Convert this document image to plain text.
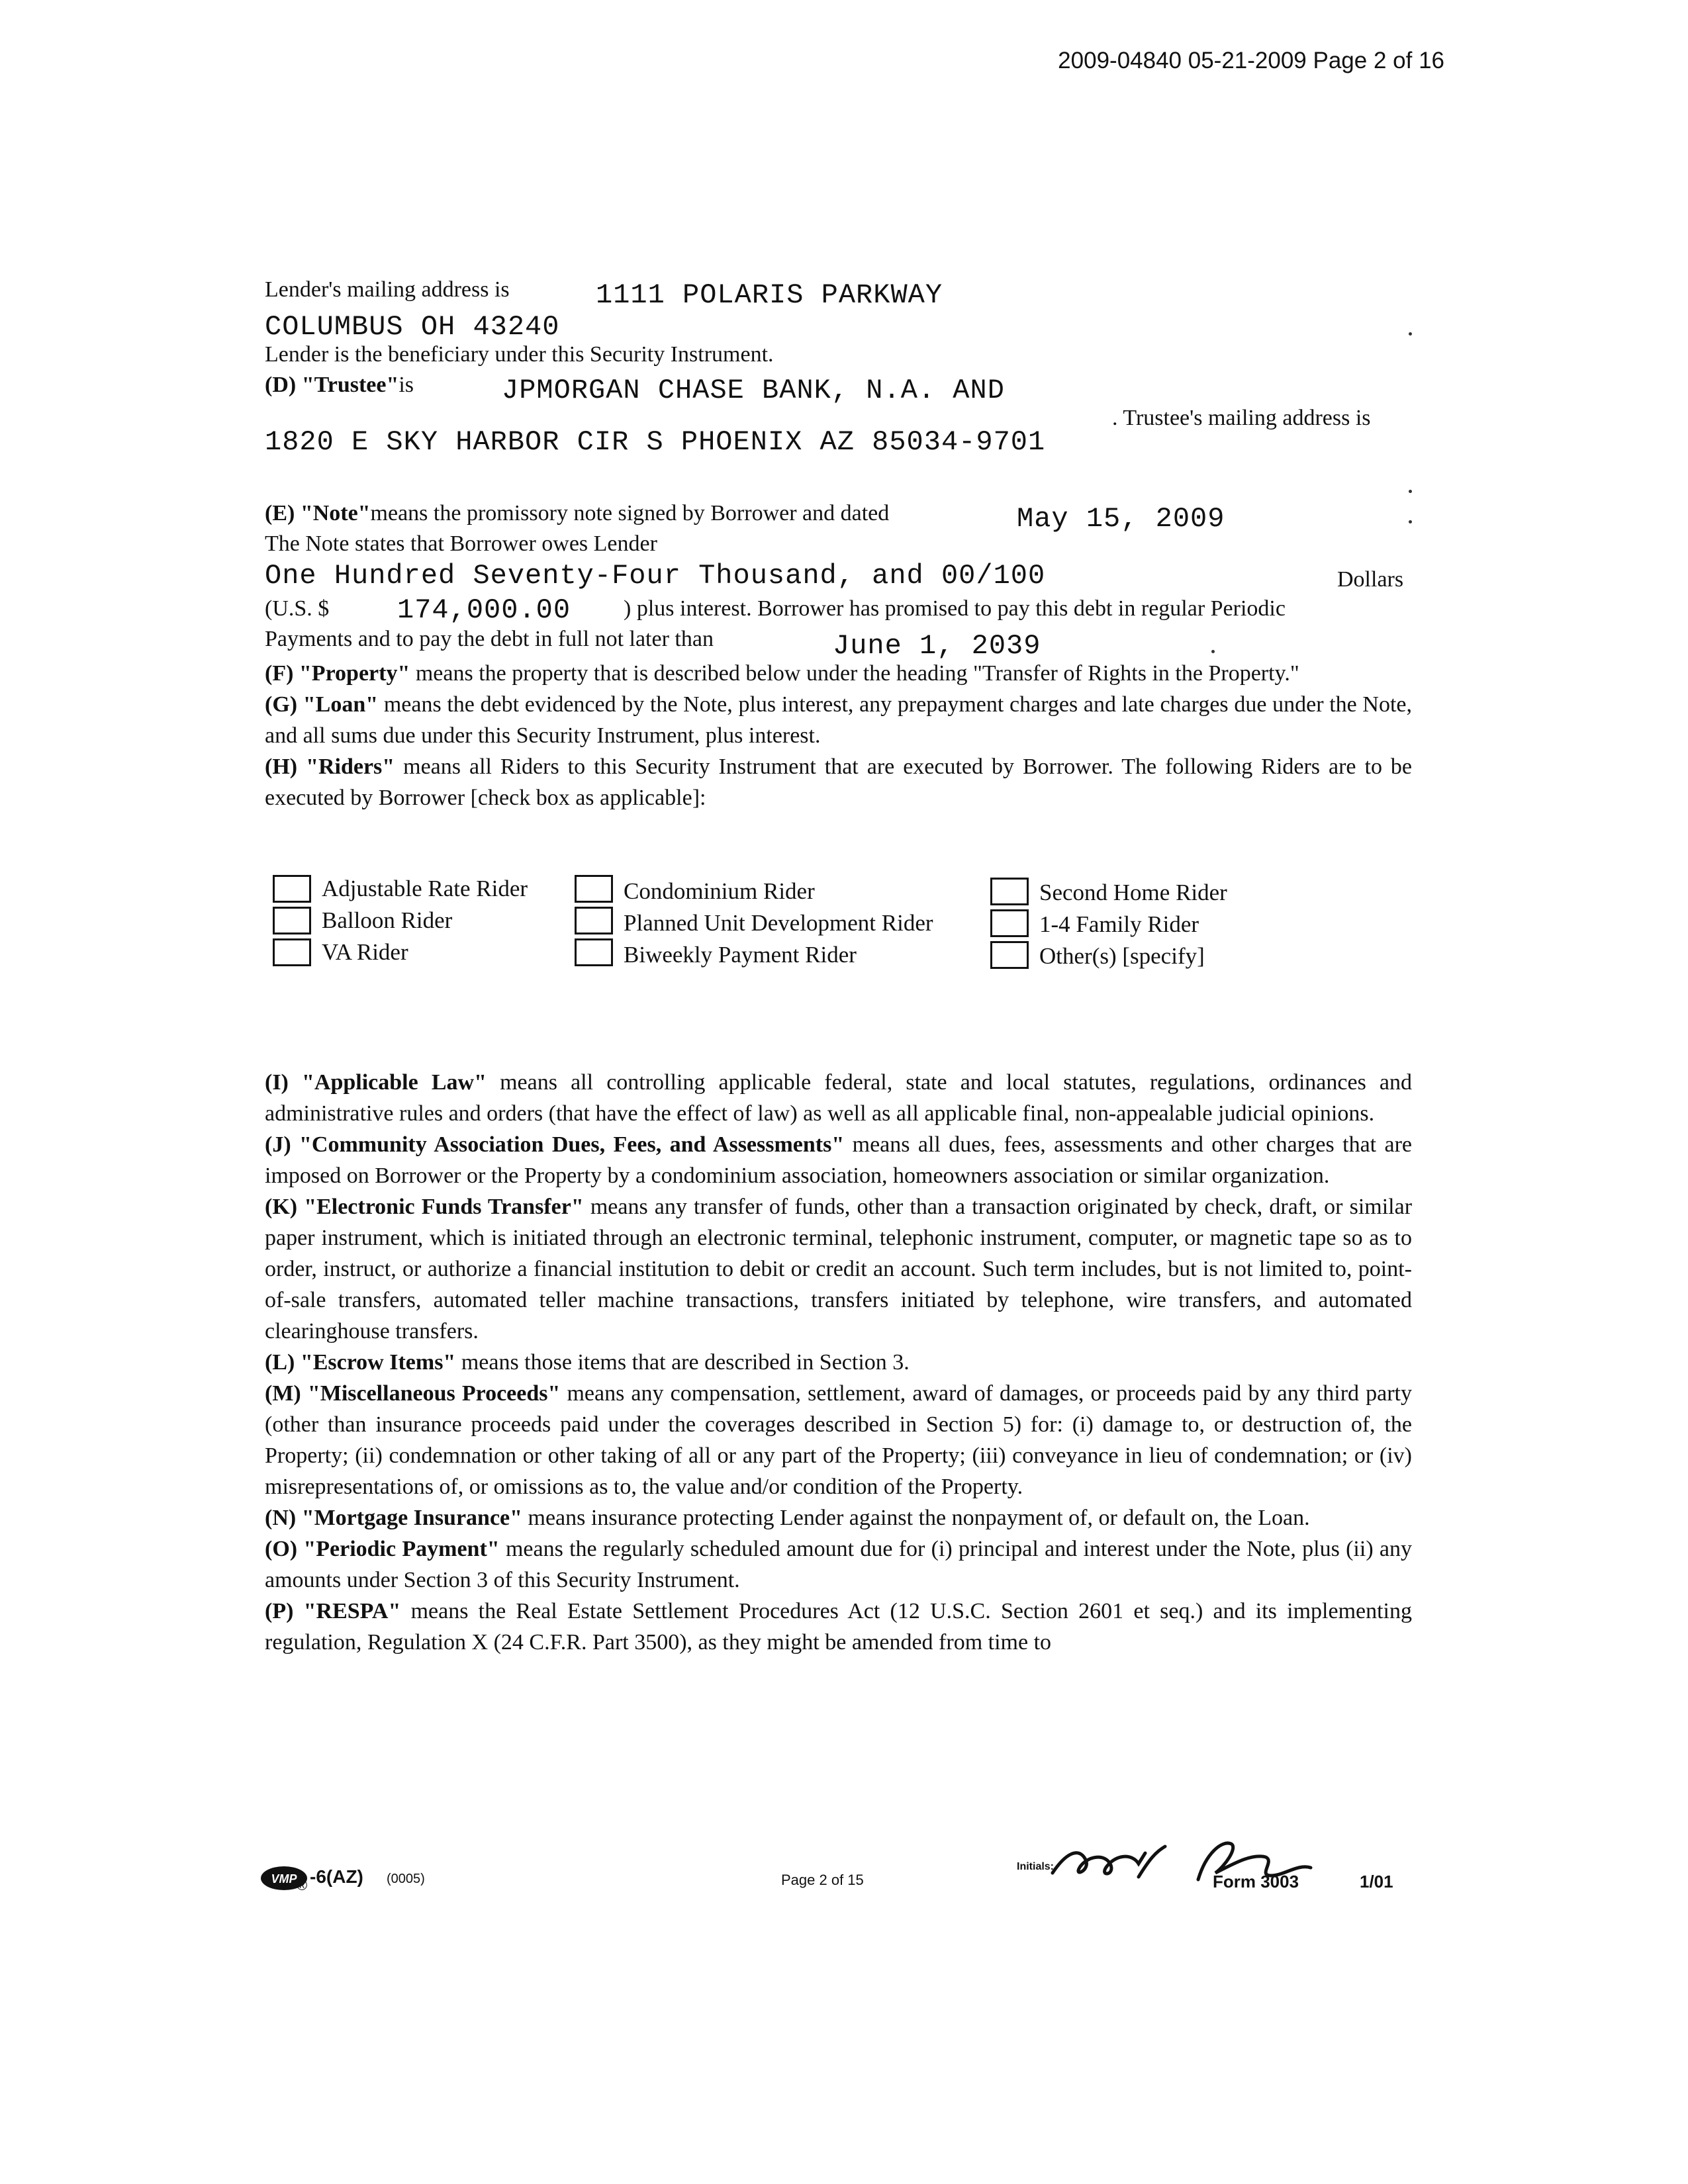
2009-04840 05-21-2009 Page 2 of 16
Lender's mailing address is	1111 POLARIS PARKWAY
COLUMBUS OH 43240
Lender is the beneficiary under this Security Instrument.
(D) "Trustee"is	JPMORGAN CHASE BANK, N.A. AND
. Trustee's mailing address is
1820 E SKY HARBOR CIR S PHOENIX AZ 85034-9701
(E) "Note"means the promissory note signed by Borrower and dated	May 15, 2009
The Note states that Borrower owes Lender
One Hundred Seventy-Four Thousand, and 00/100	Dollars
(U.S. $ 174,000.00 ) plus interest. Borrower has promised to pay this debt in regular Periodic
Payments and to pay the debt in full not later than	June 1, 2039

(F) "Property" means the property that is described below under the heading "Transfer of Rights in the Property."

(G) "Loan" means the debt evidenced by the Note, plus interest, any prepayment charges and late charges due under the Note, and all sums due under this Security Instrument, plus interest.

(H) "Riders" means all Riders to this Security Instrument that are executed by Borrower. The following Riders are to be executed by Borrower [check box as applicable]:

Adjustable Rate Rider
Balloon Rider
VA Rider
Condominium Rider
Planned Unit Development Rider
Biweekly Payment Rider
Second Home Rider
1-4 Family Rider
Other(s) [specify]

(I) "Applicable Law" means all controlling applicable federal, state and local statutes, regulations, ordinances and administrative rules and orders (that have the effect of law) as well as all applicable final, non-appealable judicial opinions.

(J) "Community Association Dues, Fees, and Assessments" means all dues, fees, assessments and other charges that are imposed on Borrower or the Property by a condominium association, homeowners association or similar organization.

(K) "Electronic Funds Transfer" means any transfer of funds, other than a transaction originated by check, draft, or similar paper instrument, which is initiated through an electronic terminal, telephonic instrument, computer, or magnetic tape so as to order, instruct, or authorize a financial institution to debit or credit an account. Such term includes, but is not limited to, point-of-sale transfers, automated teller machine transactions, transfers initiated by telephone, wire transfers, and automated clearinghouse transfers.

(L) "Escrow Items" means those items that are described in Section 3.

(M) "Miscellaneous Proceeds" means any compensation, settlement, award of damages, or proceeds paid by any third party (other than insurance proceeds paid under the coverages described in Section 5) for: (i) damage to, or destruction of, the Property; (ii) condemnation or other taking of all or any part of the Property; (iii) conveyance in lieu of condemnation; or (iv) misrepresentations of, or omissions as to, the value and/or condition of the Property.

(N) "Mortgage Insurance" means insurance protecting Lender against the nonpayment of, or default on, the Loan.

(O) "Periodic Payment" means the regularly scheduled amount due for (i) principal and interest under the Note, plus (ii) any amounts under Section 3 of this Security Instrument.

(P) "RESPA" means the Real Estate Settlement Procedures Act (12 U.S.C. Section 2601 et seq.) and its implementing regulation, Regulation X (24 C.F.R. Part 3500), as they might be amended from time to

VMP ® -6(AZ) (0005)	Page 2 of 15
Initials:
Form 3003	1/01
